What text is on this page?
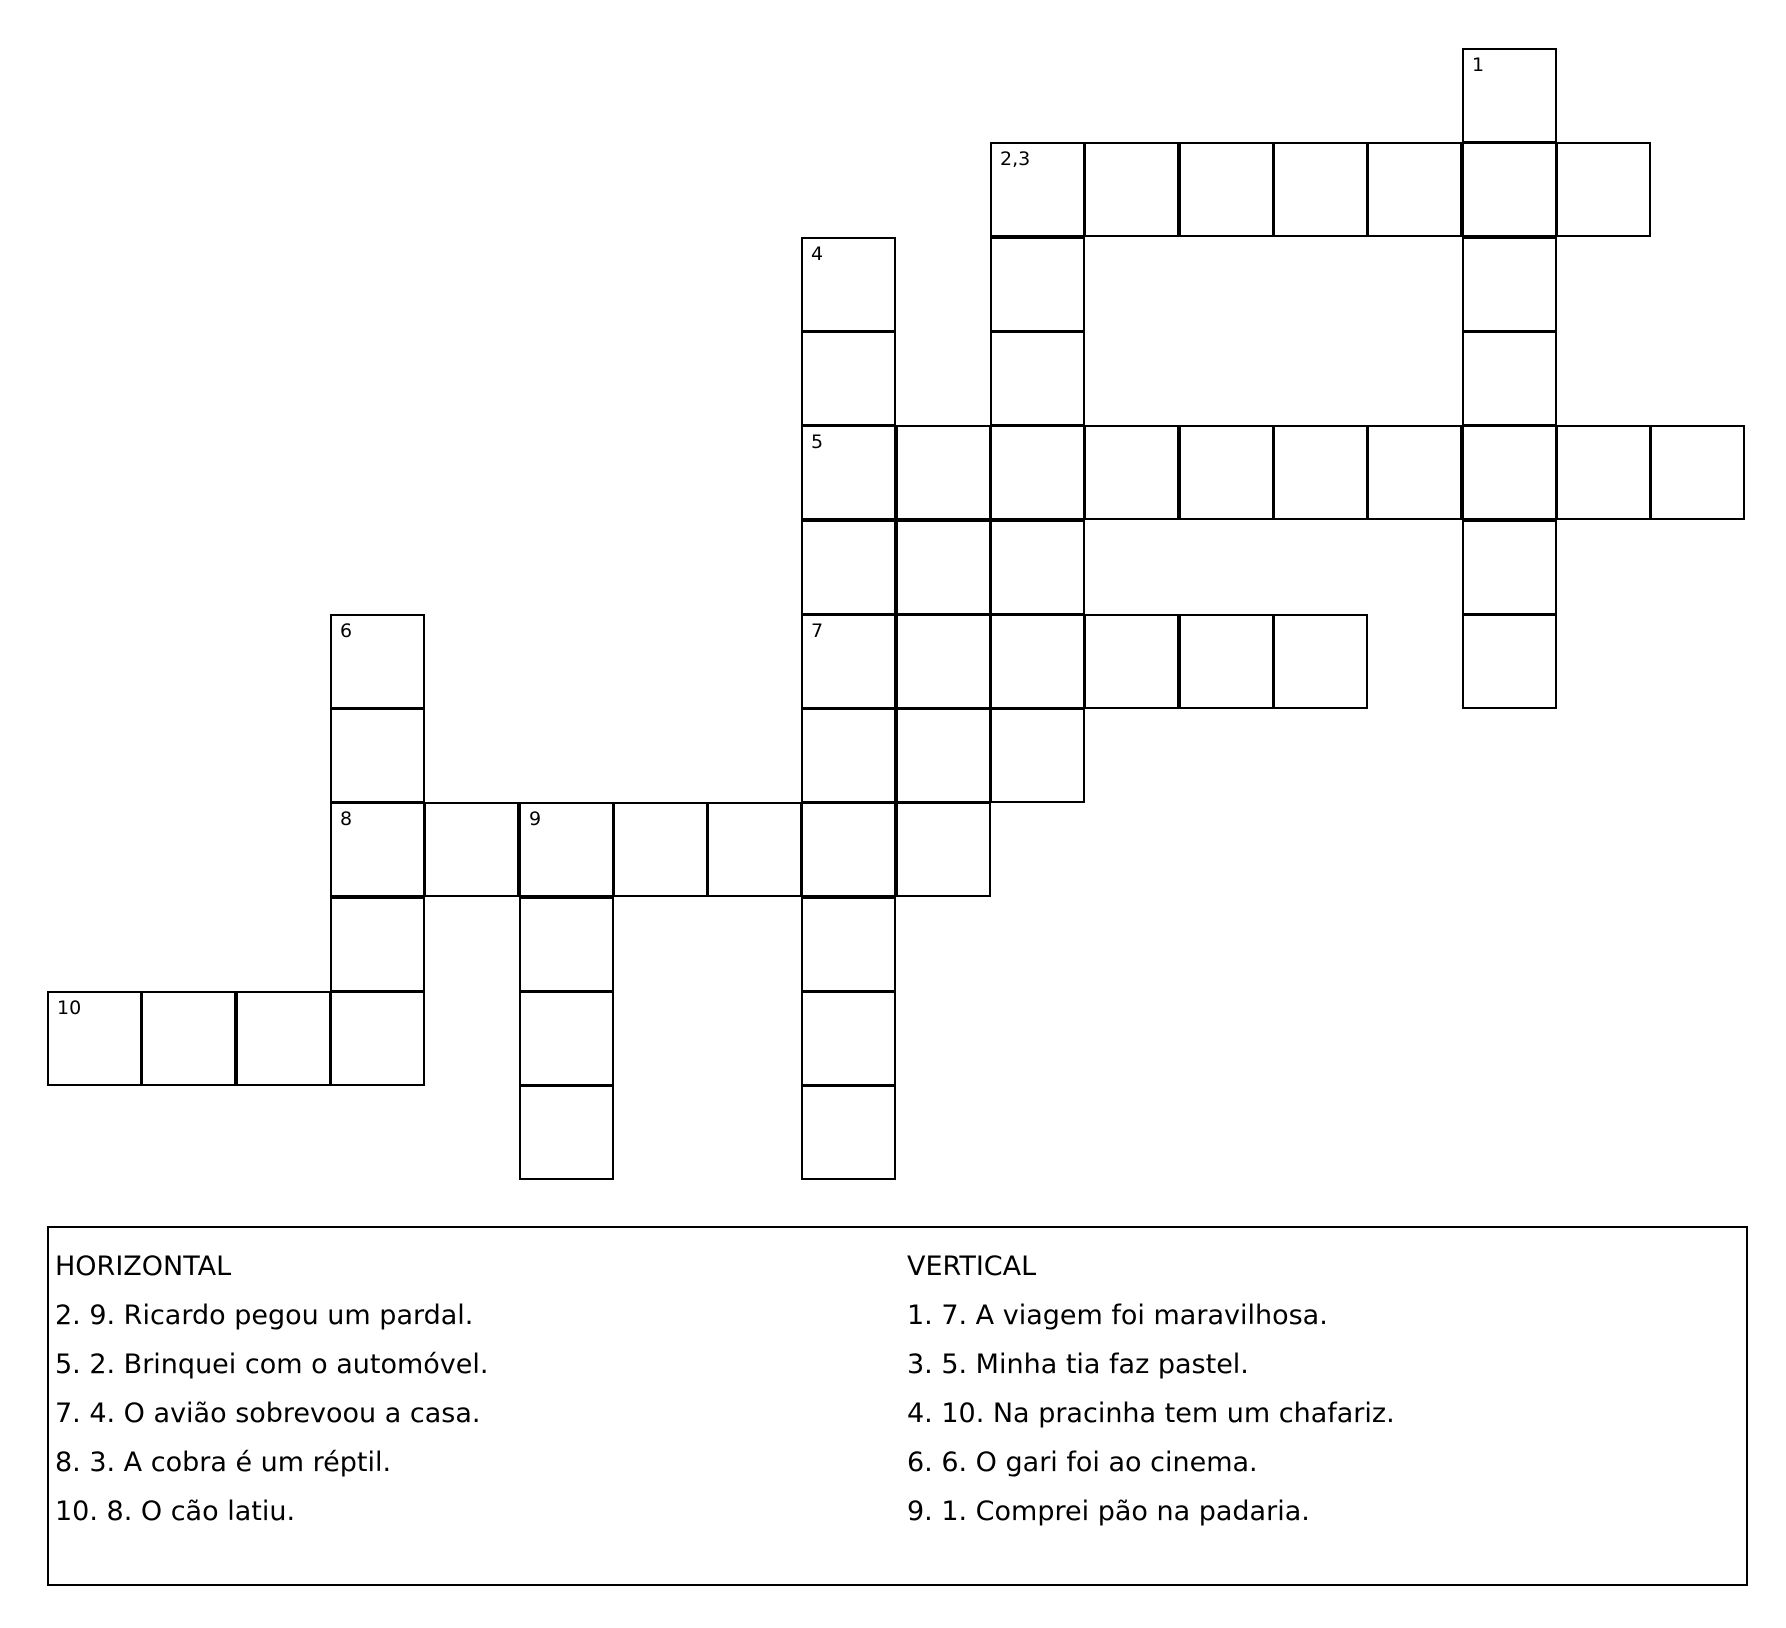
1
2,3
4
5
6	7
8	9
10
HORIZONTAL
2. 9. Ricardo pegou um pardal.
5. 2. Brinquei com o automóvel.
7. 4. O avião sobrevoou a casa.
8. 3. A cobra é um réptil.
10. 8. O cão latiu.
VERTICAL
1. 7. A viagem foi maravilhosa.
3. 5. Minha tia faz pastel.
4. 10. Na pracinha tem um chafariz.
6. 6. O gari foi ao cinema.
9. 1. Comprei pão na padaria.
